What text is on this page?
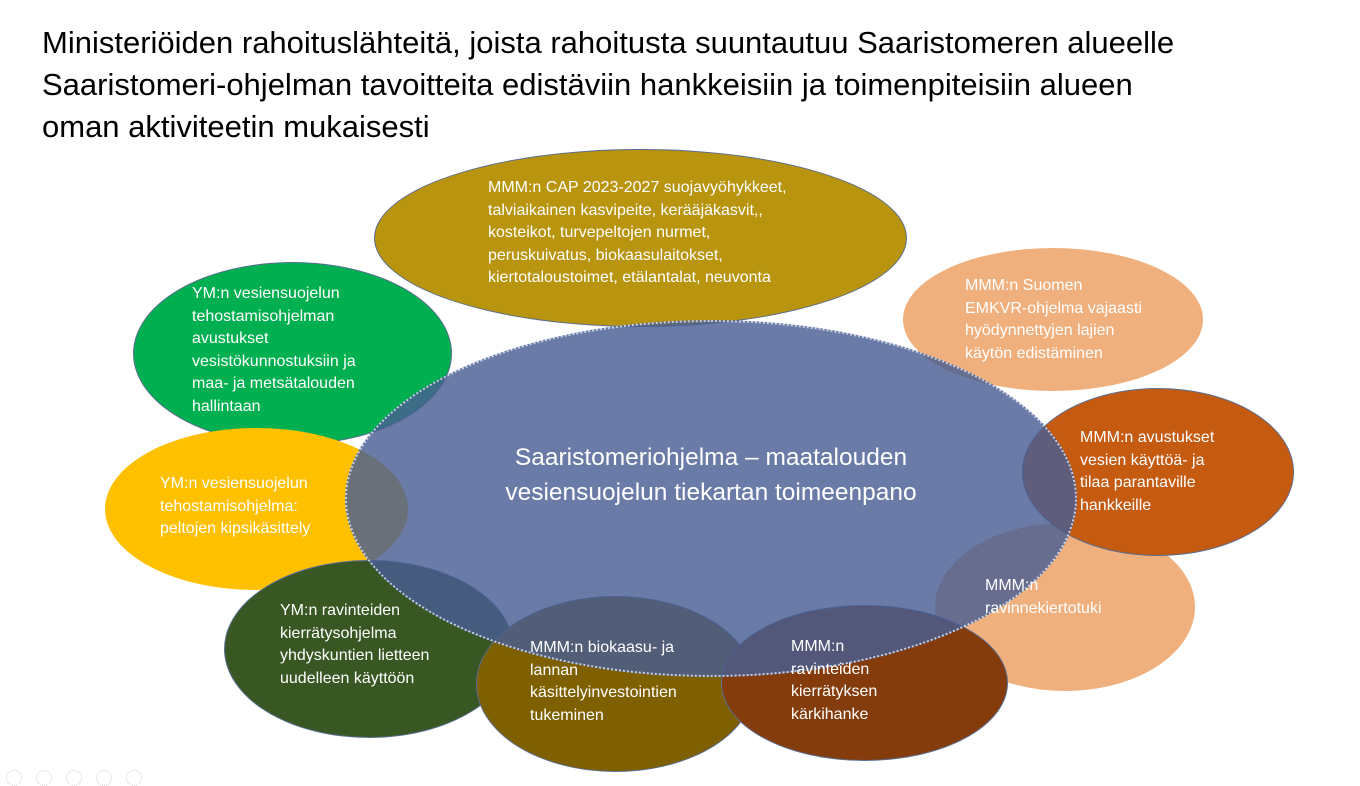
Ministeriöiden rahoituslähteitä, joista rahoitusta suuntautuu Saaristomeren alueelle
Saaristomeri-ohjelman tavoitteita edistäviin hankkeisiin ja toimenpiteisiin alueen
oman aktiviteetin mukaisesti
MMM:n CAP 2023-2027 suojavyöhykkeet,
talviaikainen kasvipeite, kerääjäkasvit,,
kosteikot, turvepeltojen nurmet,
peruskuivatus, biokaasulaitokset,
kiertotaloustoimet, etälantalat, neuvonta
YM:n vesiensuojelun
tehostamisohjelman
avustukset
vesistökunnostuksiin ja
maa- ja metsätalouden
hallintaan
YM:n vesiensuojelun
tehostamisohjelma:
peltojen kipsikäsittely
YM:n ravinteiden
kierrätysohjelma
yhdyskuntien lietteen
uudelleen käyttöön
MMM:n biokaasu- ja
lannan
käsittelyinvestointien
tukeminen
MMM:n
ravinteiden
kierrätyksen
kärkihanke
MMM:n
ravinnekiertotuki
MMM:n Suomen
EMKVR-ohjelma vajaasti
hyödynnettyjen lajien
käytön edistäminen
MMM:n avustukset
vesien käyttöä- ja
tilaa parantaville
hankkeille
Saaristomeriohjelma – maatalouden
vesiensuojelun tiekartan toimeenpano
